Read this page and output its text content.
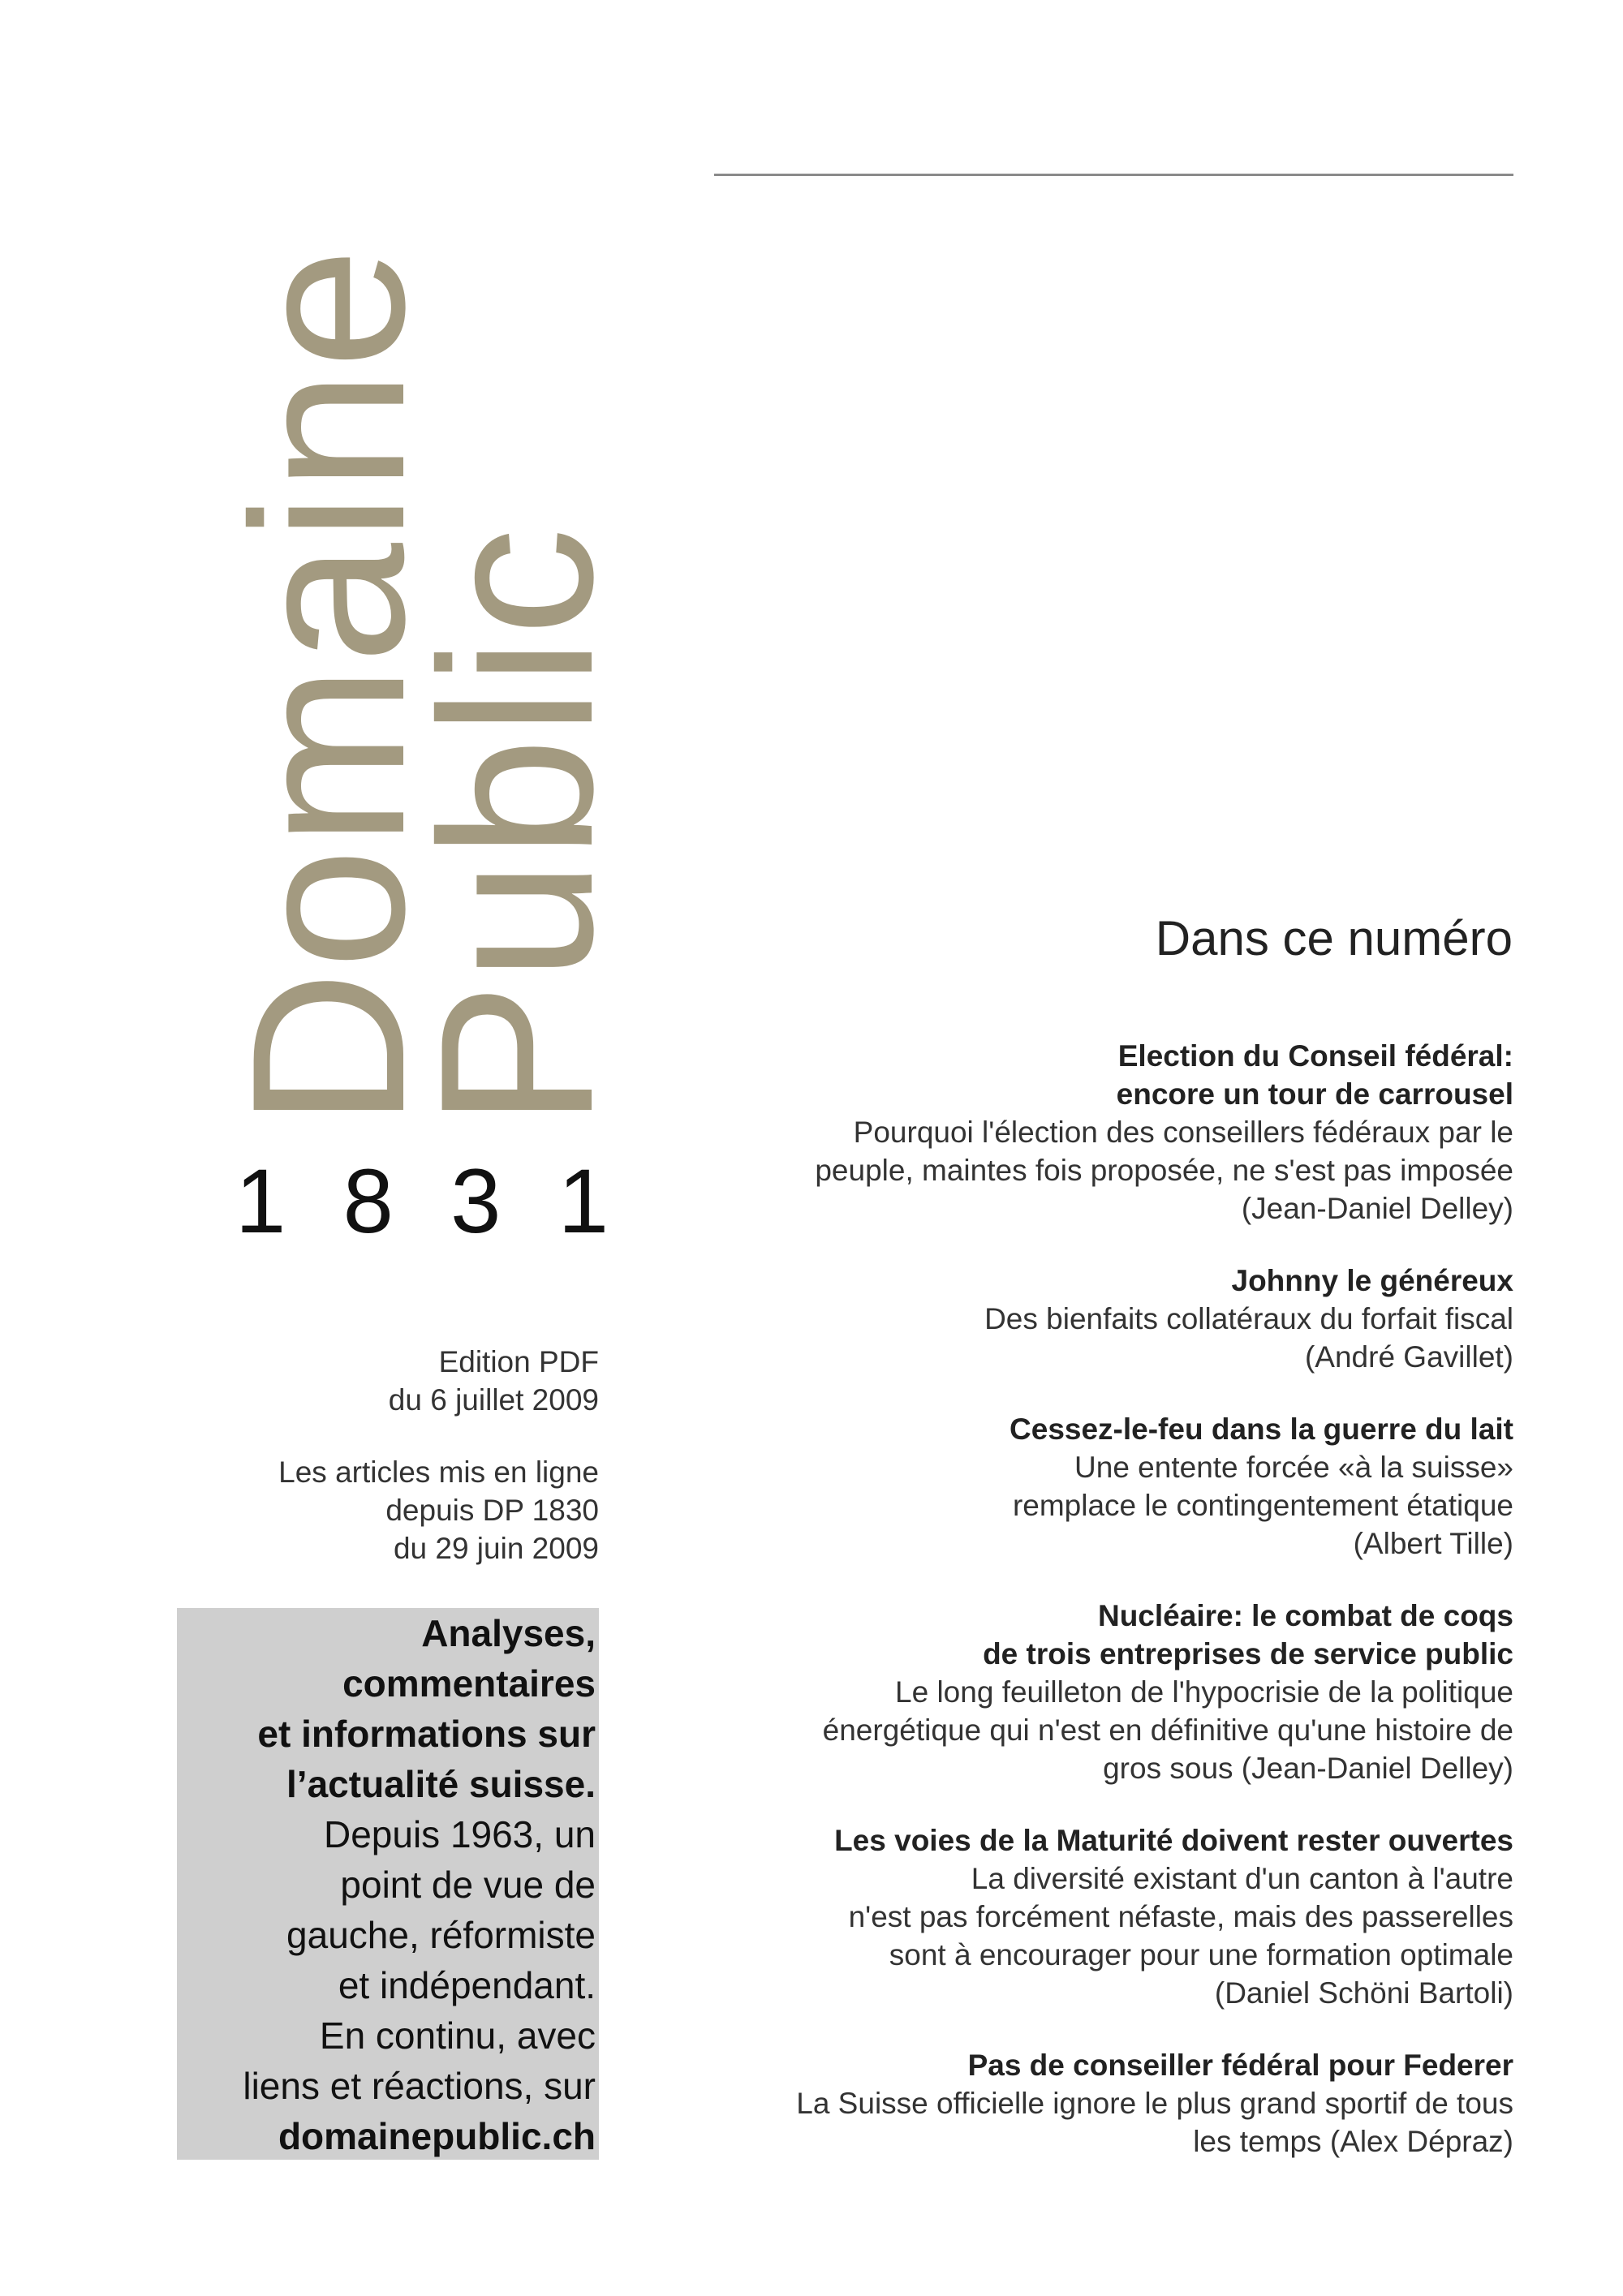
Domaine
Public
1 8 3 1

Edition PDF

du 6 juillet 2009

Les articles mis en ligne

depuis DP 1830

du 29 juin 2009

Analyses,
commentaires
et informations sur
l’actualité suisse.
Depuis 1963, un
point de vue de
gauche, réformiste
et indépendant.
En continu, avec
liens et réactions, sur
domainepublic.ch
Dans ce numéro
Election du Conseil fédéral:
encore un tour de carrousel
Pourquoi l'élection des conseillers fédéraux par le
peuple, maintes fois proposée, ne s'est pas imposée
(Jean-Daniel Delley)
Johnny le généreux
Des bienfaits collatéraux du forfait fiscal
(André Gavillet)
Cessez-le-feu dans la guerre du lait
Une entente forcée «à la suisse»
remplace le contingentement étatique
(Albert Tille)
Nucléaire: le combat de coqs
de trois entreprises de service public
Le long feuilleton de l'hypocrisie de la politique
énergétique qui n'est en définitive qu'une histoire de
gros sous (Jean-Daniel Delley)
Les voies de la Maturité doivent rester ouvertes
La diversité existant d'un canton à l'autre
n'est pas forcément néfaste, mais des passerelles
sont à encourager pour une formation optimale
(Daniel Schöni Bartoli)
Pas de conseiller fédéral pour Federer
La Suisse officielle ignore le plus grand sportif de tous
les temps (Alex Dépraz)
